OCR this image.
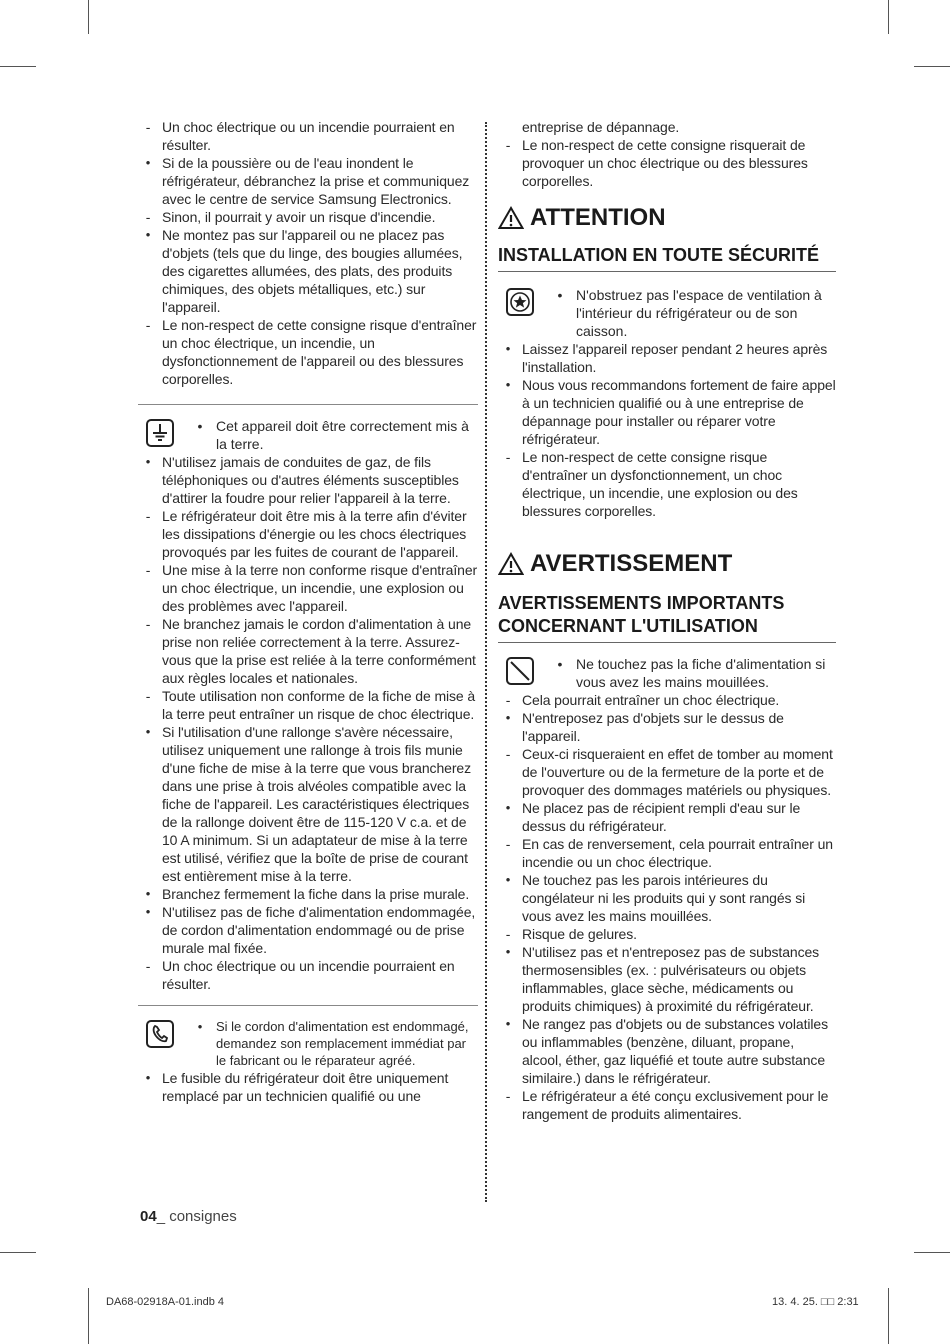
- Un choc électrique ou un incendie pourraient en résulter.
• Si de la poussière ou de l'eau inondent le réfrigérateur, débranchez la prise et communiquez avec le centre de service Samsung Electronics.
- Sinon, il pourrait y avoir un risque d'incendie.
• Ne montez pas sur l'appareil ou ne placez pas d'objets (tels que du linge, des bougies allumées, des cigarettes allumées, des plats, des produits chimiques, des objets métalliques, etc.) sur l'appareil.
- Le non-respect de cette consigne risque d'entraîner un choc électrique, un incendie, un dysfonctionnement de l'appareil ou des blessures corporelles.
• Cet appareil doit être correctement mis à la terre.
• N'utilisez jamais de conduites de gaz, de fils téléphoniques ou d'autres éléments susceptibles d'attirer la foudre pour relier l'appareil à la terre.
- Le réfrigérateur doit être mis à la terre afin d'éviter les dissipations d'énergie ou les chocs électriques provoqués par les fuites de courant de l'appareil.
- Une mise à la terre non conforme risque d'entraîner un choc électrique, un incendie, une explosion ou des problèmes avec l'appareil.
- Ne branchez jamais le cordon d'alimentation à une prise non reliée correctement à la terre. Assurez-vous que la prise est reliée à la terre conformément aux règles locales et nationales.
- Toute utilisation non conforme de la fiche de mise à la terre peut entraîner un risque de choc électrique.
• Si l'utilisation d'une rallonge s'avère nécessaire, utilisez uniquement une rallonge à trois fils munie d'une fiche de mise à la terre que vous brancherez dans une prise à trois alvéoles compatible avec la fiche de l'appareil. Les caractéristiques électriques de la rallonge doivent être de 115-120 V c.a. et de 10 A minimum. Si un adaptateur de mise à la terre est utilisé, vérifiez que la boîte de prise de courant est entièrement mise à la terre.
• Branchez fermement la fiche dans la prise murale.
• N'utilisez pas de fiche d'alimentation endommagée, de cordon d'alimentation endommagé ou de prise murale mal fixée.
- Un choc électrique ou un incendie pourraient en résulter.
• Si le cordon d'alimentation est endommagé, demandez son remplacement immédiat par le fabricant ou le réparateur agréé.
• Le fusible du réfrigérateur doit être uniquement remplacé par un technicien qualifié ou une
entreprise de dépannage.
- Le non-respect de cette consigne risquerait de provoquer un choc électrique ou des blessures corporelles.
ATTENTION
INSTALLATION EN TOUTE SÉCURITÉ
• N'obstruez pas l'espace de ventilation à l'intérieur du réfrigérateur ou de son caisson.
• Laissez l'appareil reposer pendant 2 heures après l'installation.
• Nous vous recommandons fortement de faire appel à un technicien qualifié ou à une entreprise de dépannage pour installer ou réparer votre réfrigérateur.
- Le non-respect de cette consigne risque d'entraîner un dysfonctionnement, un choc électrique, un incendie, une explosion ou des blessures corporelles.
AVERTISSEMENT
AVERTISSEMENTS IMPORTANTS
CONCERNANT L'UTILISATION
• Ne touchez pas la fiche d'alimentation si vous avez les mains mouillées.
- Cela pourrait entraîner un choc électrique.
• N'entreposez pas d'objets sur le dessus de l'appareil.
- Ceux-ci risqueraient en effet de tomber au moment de l'ouverture ou de la fermeture de la porte et de provoquer des dommages matériels ou physiques.
• Ne placez pas de récipient rempli d'eau sur le dessus du réfrigérateur.
- En cas de renversement, cela pourrait entraîner un incendie ou un choc électrique.
• Ne touchez pas les parois intérieures du congélateur ni les produits qui y sont rangés si vous avez les mains mouillées.
- Risque de gelures.
• N'utilisez pas et n'entreposez pas de substances thermosensibles (ex. : pulvérisateurs ou objets inflammables, glace sèche, médicaments ou produits chimiques) à proximité du réfrigérateur.
• Ne rangez pas d'objets ou de substances volatiles ou inflammables (benzène, diluant, propane, alcool, éther, gaz liquéfié et toute autre substance similaire.) dans le réfrigérateur.
- Le réfrigérateur a été conçu exclusivement pour le rangement de produits alimentaires.
04_ consignes
DA68-02918A-01.indb 4	13. 4. 25. □□ 2:31
